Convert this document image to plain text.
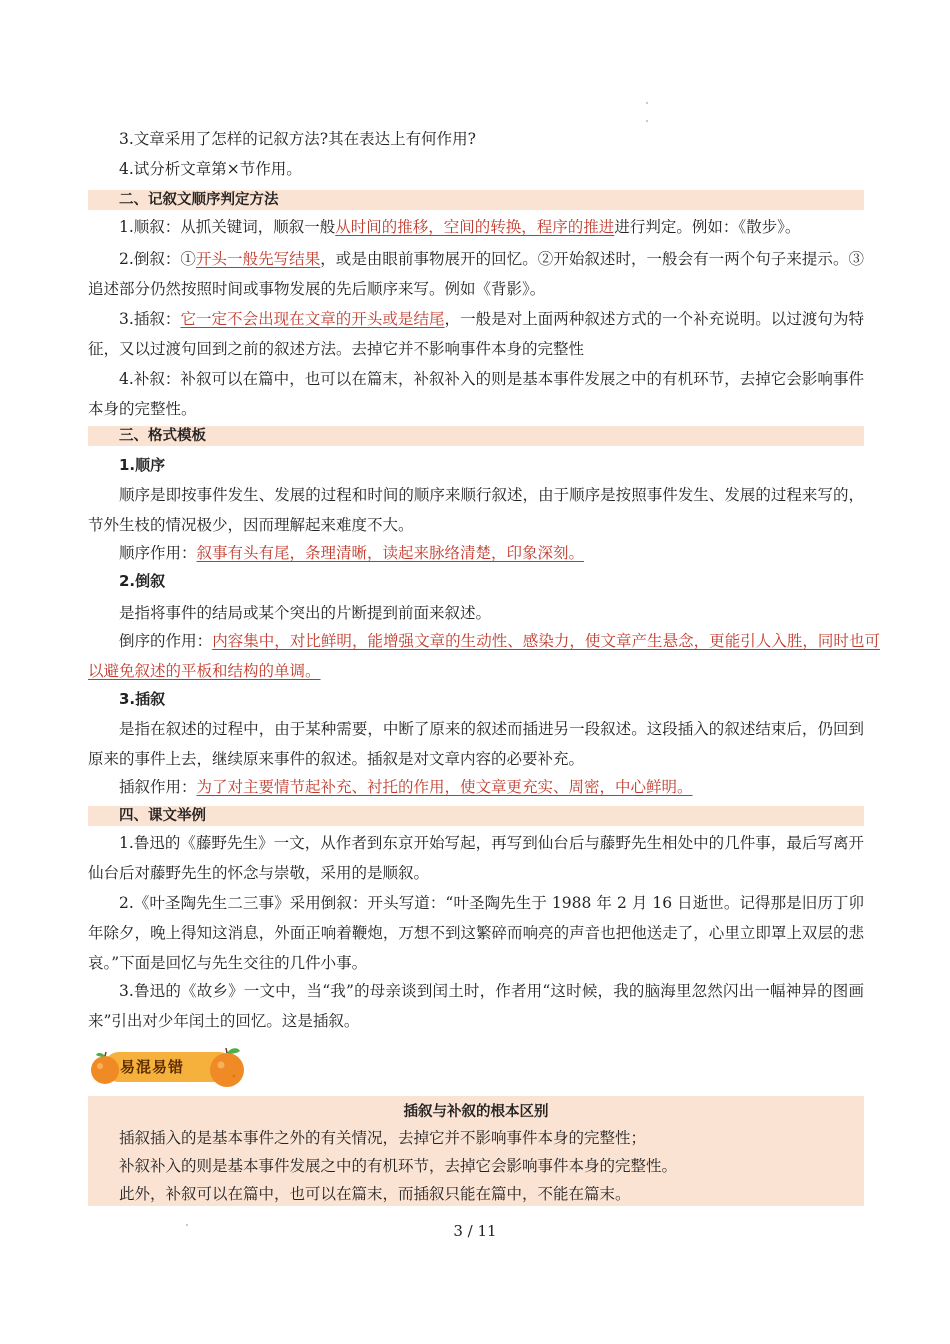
3.文章采用了怎样的记叙方法?其在表达上有何作用?
4.试分析文章第×节作用。
二、记叙文顺序判定方法
1.顺叙：从抓关键词，顺叙一般从时间的推移，空间的转换，程序的推进进行判定。例如：《散步》。
2.倒叙：①开头一般先写结果，或是由眼前事物展开的回忆。②开始叙述时，一般会有一两个句子来提示。③追述部分仍然按照时间或事物发展的先后顺序来写。例如《背影》。
3.插叙：它一定不会出现在文章的开头或是结尾，一般是对上面两种叙述方式的一个补充说明。以过渡句为特征，又以过渡句回到之前的叙述方法。去掉它并不影响事件本身的完整性
4.补叙：补叙可以在篇中，也可以在篇末，补叙补入的则是基本事件发展之中的有机环节，去掉它会影响事件本身的完整性。
三、格式模板
1.顺序
顺序是即按事件发生、发展的过程和时间的顺序来顺行叙述，由于顺序是按照事件发生、发展的过程来写的，节外生枝的情况极少，因而理解起来难度不大。
顺序作用：叙事有头有尾，条理清晰，读起来脉络清楚，印象深刻。
2.倒叙
是指将事件的结局或某个突出的片断提到前面来叙述。
倒序的作用：内容集中，对比鲜明，能增强文章的生动性、感染力，使文章产生悬念，更能引人入胜，同时也可以避免叙述的平板和结构的单调。
3.插叙
是指在叙述的过程中，由于某种需要，中断了原来的叙述而插进另一段叙述。这段插入的叙述结束后，仍回到原来的事件上去，继续原来事件的叙述。插叙是对文章内容的必要补充。
插叙作用：为了对主要情节起补充、衬托的作用，使文章更充实、周密，中心鲜明。
四、课文举例
1.鲁迅的《藤野先生》一文，从作者到东京开始写起，再写到仙台后与藤野先生相处中的几件事，最后写离开仙台后对藤野先生的怀念与崇敬，采用的是顺叙。
2.《叶圣陶先生二三事》采用倒叙：开头写道：“叶圣陶先生于 1988 年 2 月 16 日逝世。记得那是旧历丁卯年除夕，晚上得知这消息，外面正响着鞭炮，万想不到这繁碎而响亮的声音也把他送走了，心里立即罩上双层的悲哀。”下面是回忆与先生交往的几件小事。
3.鲁迅的《故乡》一文中，当“我”的母亲谈到闰土时，作者用“这时候，我的脑海里忽然闪出一幅神异的图画来”引出对少年闰土的回忆。这是插叙。
易混易错
插叙与补叙的根本区别
插叙插入的是基本事件之外的有关情况，去掉它并不影响事件本身的完整性；
补叙补入的则是基本事件发展之中的有机环节，去掉它会影响事件本身的完整性。
此外，补叙可以在篇中，也可以在篇末，而插叙只能在篇中，不能在篇末。
3 / 11
